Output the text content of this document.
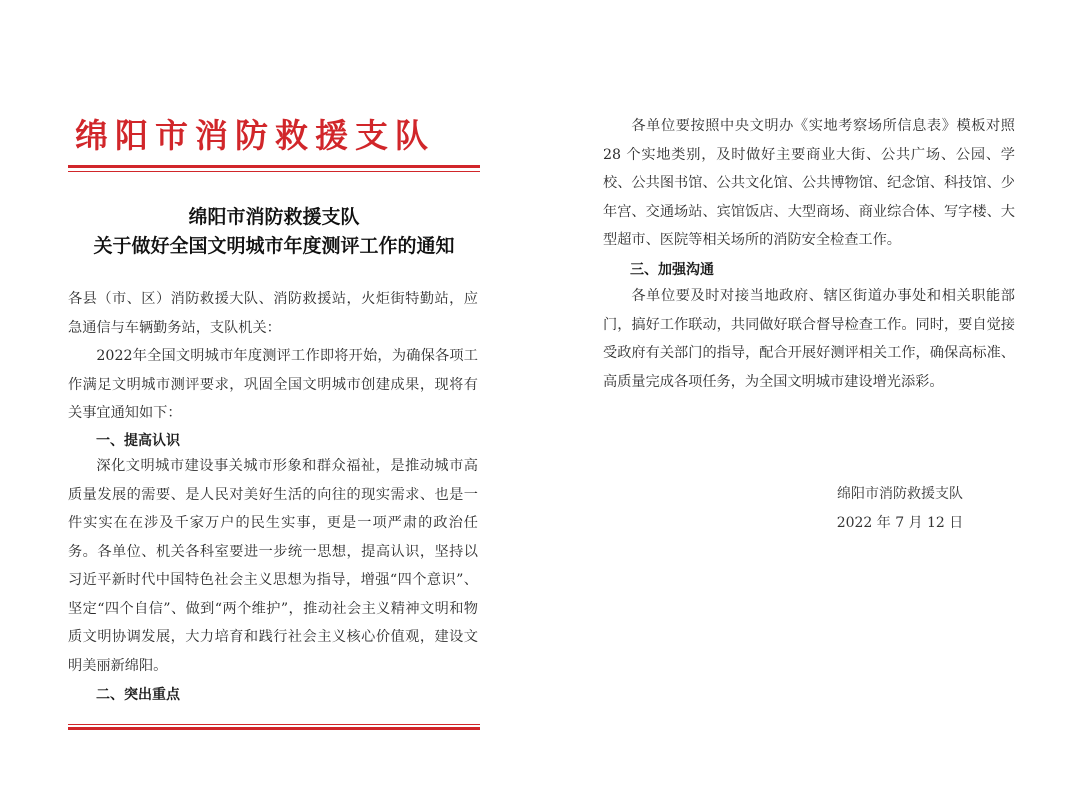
绵阳市消防救援支队
绵阳市消防救援支队
关于做好全国文明城市年度测评工作的通知

各县（市、区）消防救援大队、消防救援站，火炬街特勤站，应急通信与车辆勤务站，支队机关：

2022年全国文明城市年度测评工作即将开始，为确保各项工作满足文明城市测评要求，巩固全国文明城市创建成果，现将有关事宜通知如下：

一、提高认识

深化文明城市建设事关城市形象和群众福祉，是推动城市高质量发展的需要、是人民对美好生活的向往的现实需求、也是一件实实在在涉及千家万户的民生实事，更是一项严肃的政治任务。各单位、机关各科室要进一步统一思想，提高认识，坚持以习近平新时代中国特色社会主义思想为指导，增强“四个意识”、坚定“四个自信”、做到“两个维护”，推动社会主义精神文明和物质文明协调发展，大力培育和践行社会主义核心价值观，建设文明美丽新绵阳。

二、突出重点

各单位要按照中央文明办《实地考察场所信息表》模板对照 28 个实地类别，及时做好主要商业大街、公共广场、公园、学校、公共图书馆、公共文化馆、公共博物馆、纪念馆、科技馆、少年宫、交通场站、宾馆饭店、大型商场、商业综合体、写字楼、大型超市、医院等相关场所的消防安全检查工作。

三、加强沟通

各单位要及时对接当地政府、辖区街道办事处和相关职能部门，搞好工作联动，共同做好联合督导检查工作。同时，要自觉接受政府有关部门的指导，配合开展好测评相关工作，确保高标准、高质量完成各项任务，为全国文明城市建设增光添彩。

绵阳市消防救援支队
2022 年 7 月 12 日
